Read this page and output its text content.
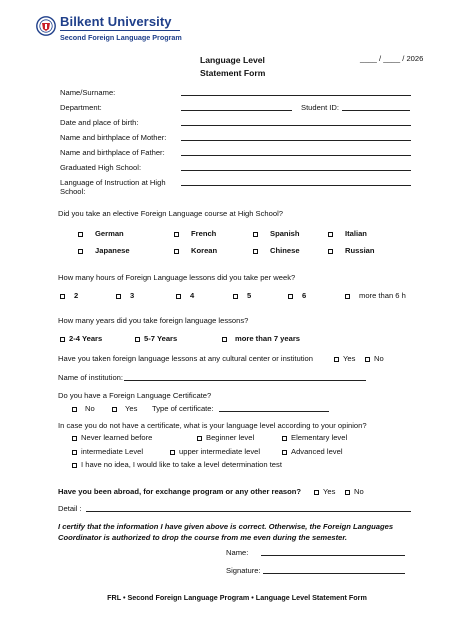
Bilkent University
Second Foreign Language Program
Language Level
Statement Form
____ / ____ / 2026
Name/Surname:
Department:	Student ID:
Date and place of birth:
Name and birthplace of Mother:
Name and birthplace of Father:
Graduated High School:
Language of Instruction at High
School:
Did you take an elective Foreign Language course at High School?
German	French	Spanish	Italian
Japanese	Korean	Chinese	Russian
How many hours of Foreign Language lessons did you take per week?
2	3	4	5	6	more than 6 h
How many years did you take foreign language lessons?
2-4 Years	5-7 Years	more than 7 years
Have you taken foreign language lessons at any cultural center or institution	Yes	No
Name of institution:
Do you have a Foreign Language Certificate?
No	Yes Type of certificate:
In case you do not have a certificate, what is your language level according to your opinion?
Never learned before	Beginner level	Elementary level
intermediate Level	upper intermediate level	Advanced level
I have no idea, I would like to take a level determination test
Have you been abroad, for exchange program or any other reason?	Yes	No
Detail :
I certify that the information I have given above is correct. Otherwise, the Foreign Languages Coordinator is authorized to drop the course from me even during the semester.
Name:
Signature:
FRL • Second Foreign Language Program • Language Level Statement Form
